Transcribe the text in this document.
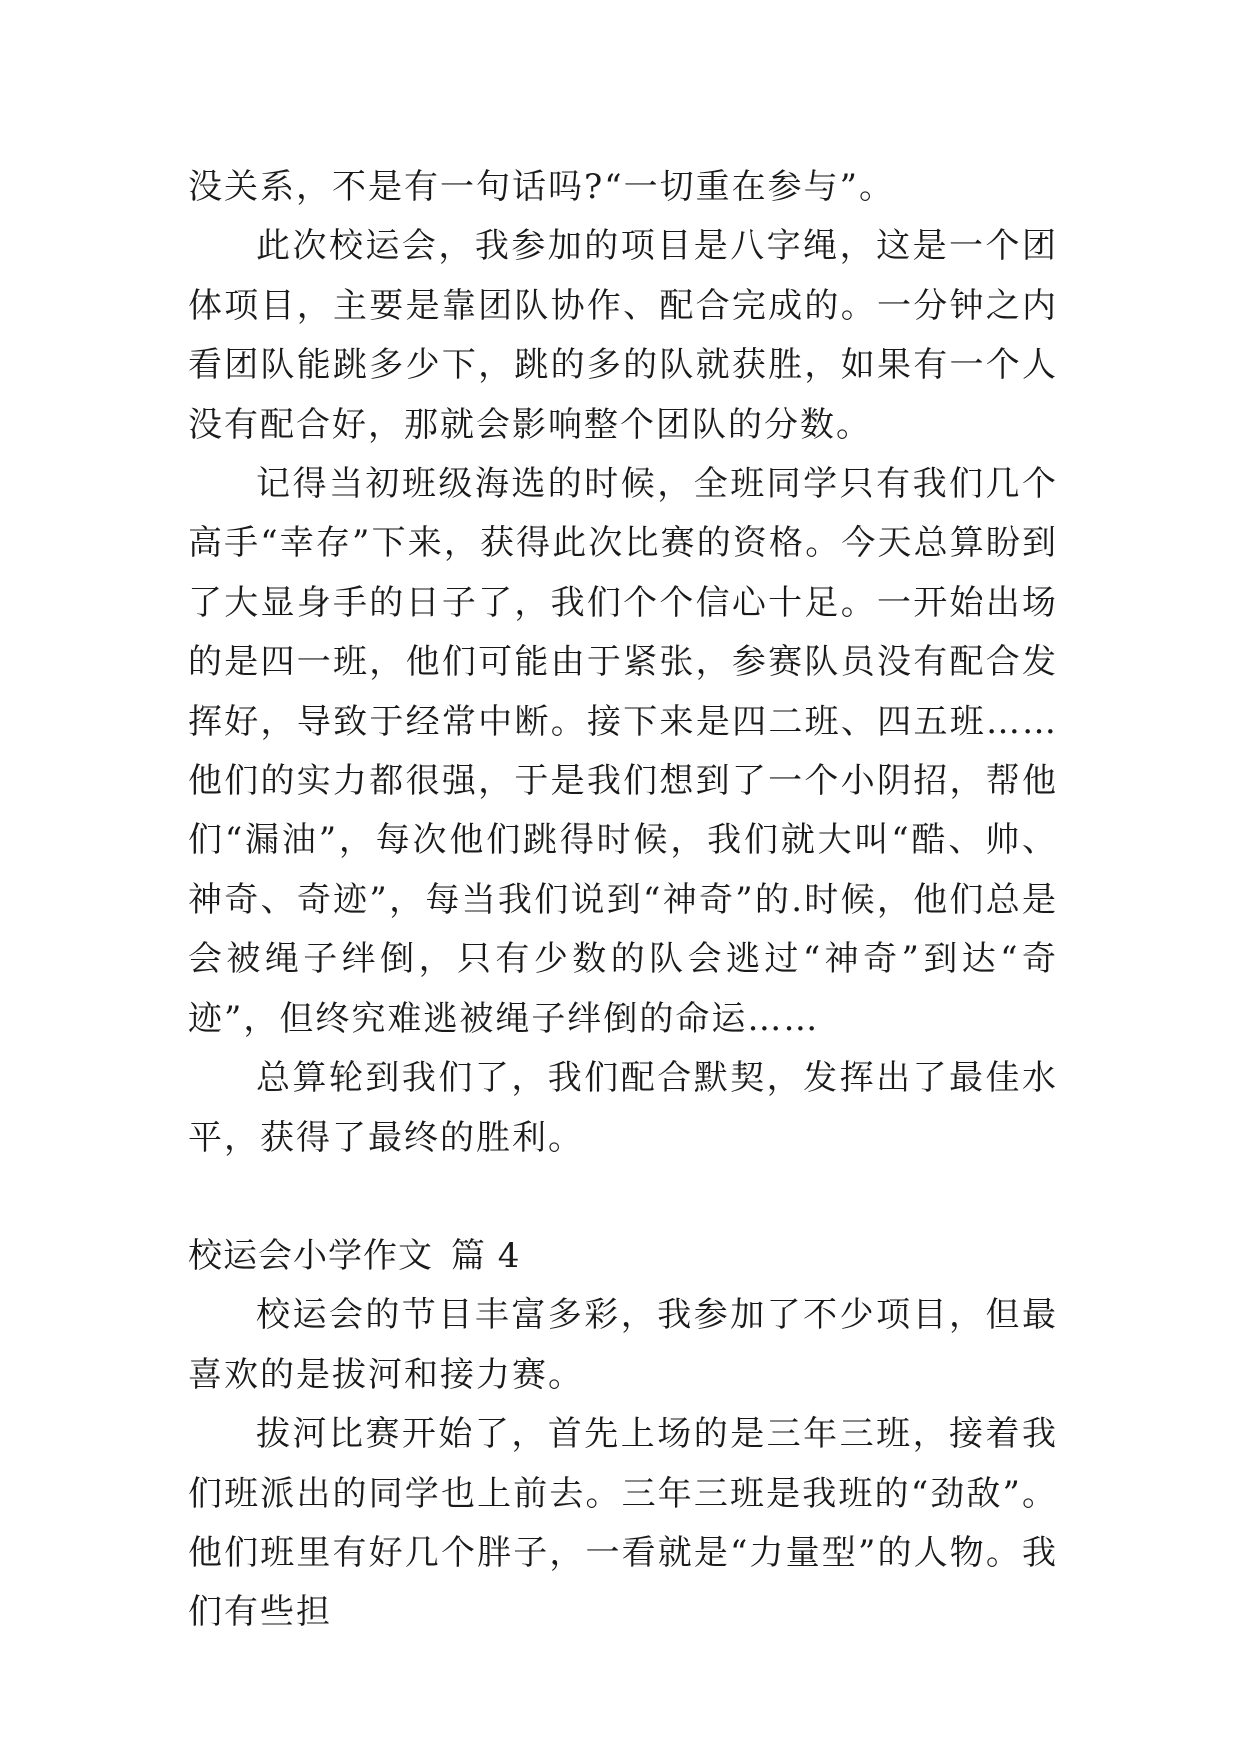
没关系，不是有一句话吗?“一切重在参与”。

此次校运会，我参加的项目是八字绳，这是一个团体项目，主要是靠团队协作、配合完成的。一分钟之内看团队能跳多少下，跳的多的队就获胜，如果有一个人没有配合好，那就会影响整个团队的分数。

记得当初班级海选的时候，全班同学只有我们几个高手“幸存”下来，获得此次比赛的资格。今天总算盼到了大显身手的日子了，我们个个信心十足。一开始出场的是四一班，他们可能由于紧张，参赛队员没有配合发挥好，导致于经常中断。接下来是四二班、四五班……他们的实力都很强，于是我们想到了一个小阴招，帮他们“漏油”，每次他们跳得时候，我们就大叫“酷、帅、神奇、奇迹”，每当我们说到“神奇”的.时候，他们总是会被绳子绊倒，只有少数的队会逃过“神奇”到达“奇迹”，但终究难逃被绳子绊倒的命运……

总算轮到我们了，我们配合默契，发挥出了最佳水平，获得了最终的胜利。

校运会小学作文 篇 4

校运会的节目丰富多彩，我参加了不少项目，但最喜欢的是拔河和接力赛。

拔河比赛开始了，首先上场的是三年三班，接着我们班派出的同学也上前去。三年三班是我班的“劲敌”。他们班里有好几个胖子，一看就是“力量型”的人物。我们有些担
